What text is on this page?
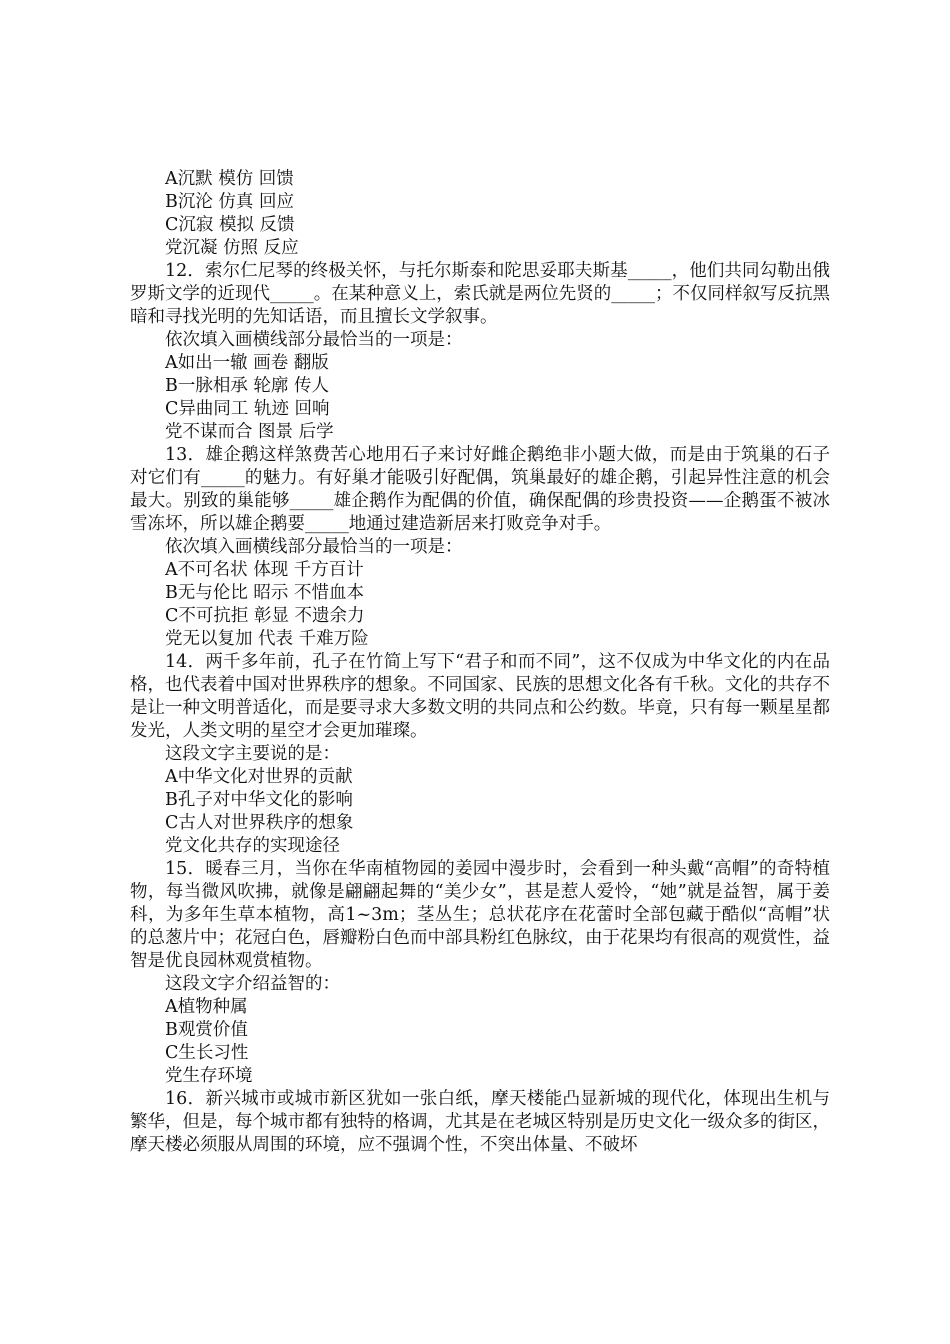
A沉默 模仿 回馈
B沉沦 仿真 回应
C沉寂 模拟 反馈
党沉凝 仿照 反应

12．索尔仁尼琴的终极关怀，与托尔斯泰和陀思妥耶夫斯基_____，他们共同勾勒出俄罗斯文学的近现代_____。在某种意义上，索氏就是两位先贤的_____；不仅同样叙写反抗黑暗和寻找光明的先知话语，而且擅长文学叙事。

依次填入画横线部分最恰当的一项是：
A如出一辙 画卷 翻版
B一脉相承 轮廓 传人
C异曲同工 轨迹 回响
党不谋而合 图景 后学

13．雄企鹅这样煞费苦心地用石子来讨好雌企鹅绝非小题大做，而是由于筑巢的石子对它们有_____的魅力。有好巢才能吸引好配偶，筑巢最好的雄企鹅，引起异性注意的机会最大。别致的巢能够_____雄企鹅作为配偶的价值，确保配偶的珍贵投资——企鹅蛋不被冰雪冻坏，所以雄企鹅要_____地通过建造新居来打败竞争对手。

依次填入画横线部分最恰当的一项是：
A不可名状 体现 千方百计
B无与伦比 昭示 不惜血本
C不可抗拒 彰显 不遗余力
党无以复加 代表 千难万险

14．两千多年前，孔子在竹简上写下“君子和而不同”，这不仅成为中华文化的内在品格，也代表着中国对世界秩序的想象。不同国家、民族的思想文化各有千秋。文化的共存不是让一种文明普适化，而是要寻求大多数文明的共同点和公约数。毕竟，只有每一颗星星都发光，人类文明的星空才会更加璀璨。

这段文字主要说的是：
A中华文化对世界的贡献
B孔子对中华文化的影响
C古人对世界秩序的想象
党文化共存的实现途径

15．暖春三月，当你在华南植物园的姜园中漫步时，会看到一种头戴“高帽”的奇特植物，每当微风吹拂，就像是翩翩起舞的“美少女”，甚是惹人爱怜，“她”就是益智，属于姜科，为多年生草本植物，高1~3m；茎丛生；总状花序在花蕾时全部包藏于酷似“高帽”状的总葱片中；花冠白色，唇瓣粉白色而中部具粉红色脉纹，由于花果均有很高的观赏性，益智是优良园林观赏植物。

这段文字介绍益智的：
A植物种属
B观赏价值
C生长习性
党生存环境

16．新兴城市或城市新区犹如一张白纸，摩天楼能凸显新城的现代化，体现出生机与繁华，但是，每个城市都有独特的格调，尤其是在老城区特别是历史文化一级众多的街区，摩天楼必须服从周围的环境，应不强调个性，不突出体量、不破坏
